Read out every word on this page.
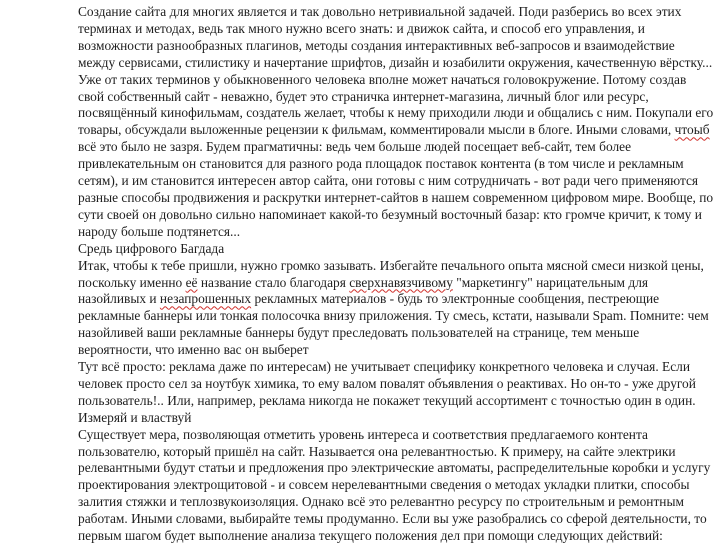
Создание сайта для многих является и так довольно нетривиальной задачей. Поди разберись во всех этих
терминах и методах, ведь так много нужно всего знать: и движок сайта, и способ его управления, и
возможности разнообразных плагинов, методы создания интерактивных веб-запросов и взаимодействие
между сервисами, стилистику и начертание шрифтов, дизайн и юзабилити окружения, качественную вёрстку...
Уже от таких терминов у обыкновенного человека вполне может начаться головокружение. Потому создав
свой собственный сайт - неважно, будет это страничка интернет-магазина, личный блог или ресурс,
посвящённый кинофильмам, создатель желает, чтобы к нему приходили люди и общались с ним. Покупали его
товары, обсуждали выложенные рецензии к фильмам, комментировали мысли в блоге. Иными словами, чтоыб
всё это было не зазря. Будем прагматичны: ведь чем больше людей посещает веб-сайт, тем более
привлекательным он становится для разного рода площадок поставок контента (в том числе и рекламным
сетям), и им становится интересен автор сайта, они готовы с ним сотрудничать - вот ради чего применяются
разные способы продвижения и раскрутки интернет-сайтов в нашем современном цифровом мире. Вообще, по
сути своей он довольно сильно напоминает какой-то безумный восточный базар: кто громче кричит, к тому и
народу больше подтянется...
Средь цифрового Багдада
Итак, чтобы к тебе пришли, нужно громко зазывать. Избегайте печального опыта мясной смеси низкой цены,
поскольку именно её название стало благодаря сверхнавязчивому "маркетингу" нарицательным для
назойливых и незапрошенных рекламных материалов - будь то электронные сообщения, пестреющие
рекламные баннеры или тонкая полосочка внизу приложения. Ту смесь, кстати, называли Spam. Помните: чем
назойливей ваши рекламные баннеры будут преследовать пользователей на странице, тем меньше
вероятности, что именно вас он выберет
Тут всё просто: реклама даже по интересам) не учитывает специфику конкретного человека и случая. Если
человек просто сел за ноутбук химика, то ему валом повалят объявления о реактивах. Но он-то - уже другой
пользователь!.. Или, например, реклама никогда не покажет текущий ассортимент с точностью один в один.
Измеряй и властвуй
Существует мера, позволяющая отметить уровень интереса и соответствия предлагаемого контента
пользователю, который пришёл на сайт. Называется она релевантностью. К примеру, на сайте электрики
релевантными будут статьи и предложения про электрические автоматы, распределительные коробки и услугу
проектирования электрощитовой - и совсем нерелевантными сведения о методах укладки плитки, способы
залития стяжки и теплозвукоизоляция. Однако всё это релевантно ресурсу по строительным и ремонтным
работам. Иными словами, выбирайте темы продуманно. Если вы уже разобрались со сферой деятельности, то
первым шагом будет выполнение анализа текущего положения дел при помощи следующих действий:
